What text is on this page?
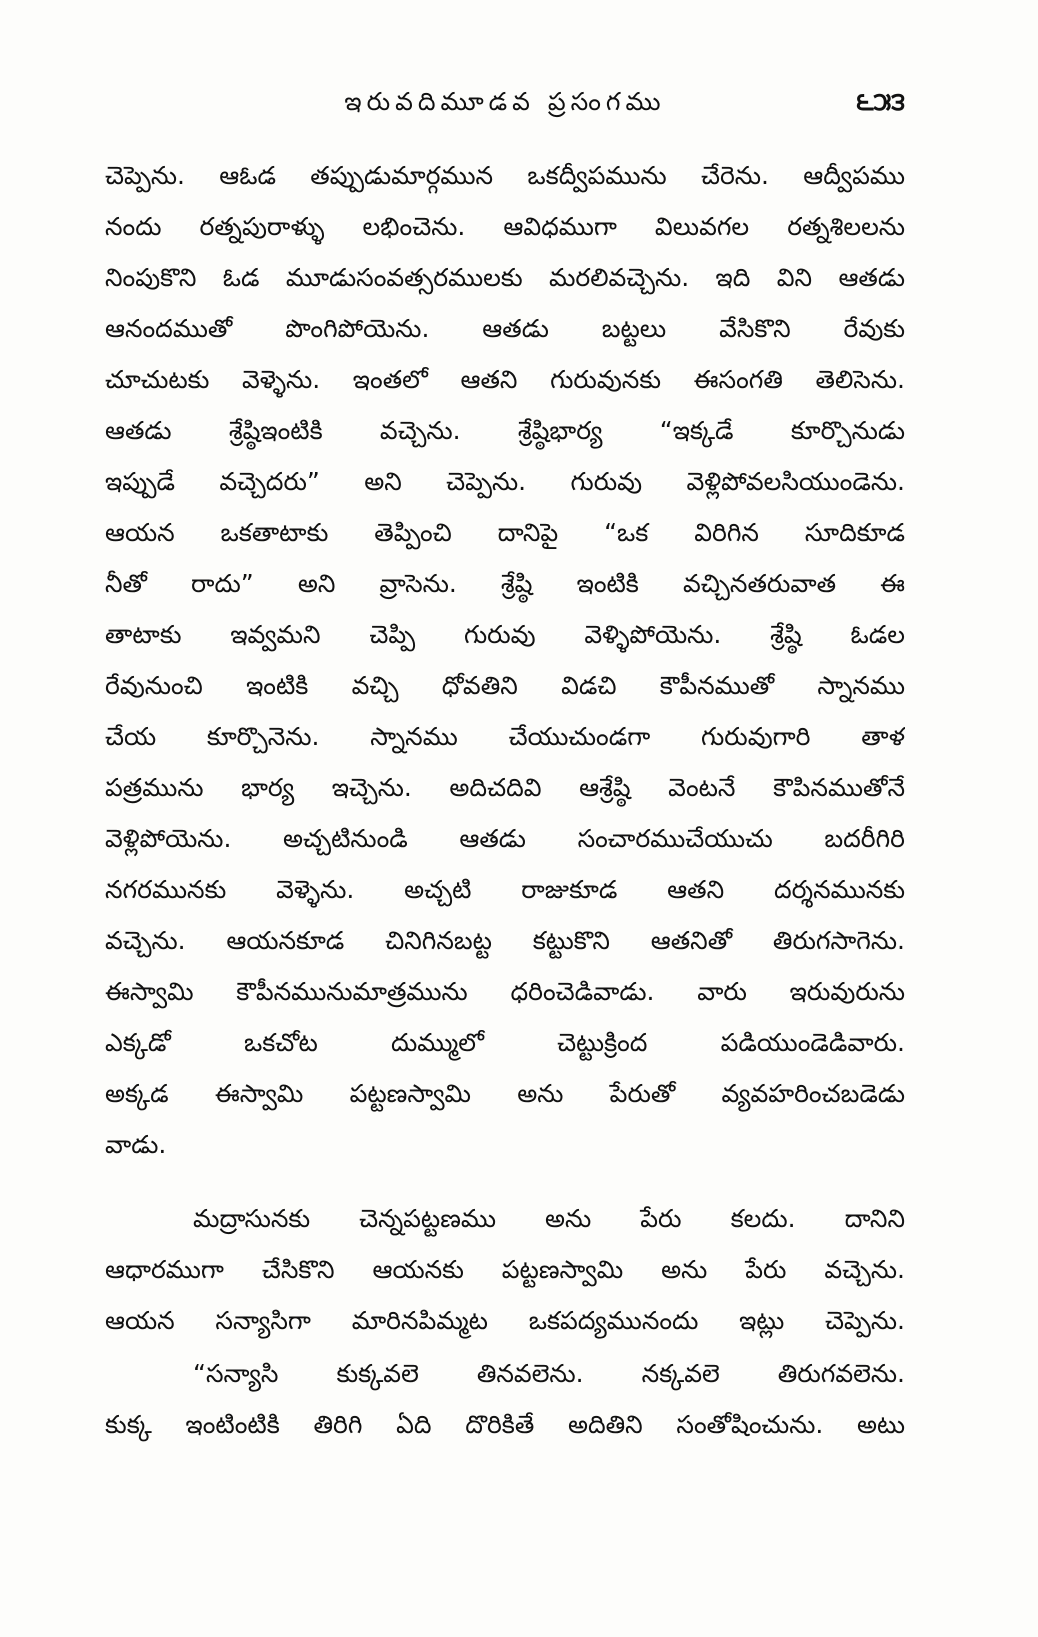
ఇరువదిమూడవ ప్రసంగము	౬౫౩
చెప్పెను. ఆఓడ తప్పుడుమార్గమున ఒకద్వీపమును చేరెను. ఆద్వీపము
నందు రత్నపురాళ్ళు లభించెను. ఆవిధముగా విలువగల రత్నశిలలను
నింపుకొని ఓడ మూడుసంవత్సరములకు మరలివచ్చెను. ఇది విని ఆతడు
ఆనందముతో పొంగిపోయెను. ఆతడు బట్టలు వేసికొని రేవుకు
చూచుటకు వెళ్ళెను. ఇంతలో ఆతని గురువునకు ఈసంగతి తెలిసెను.
ఆతడు శ్రేష్ఠిఇంటికి వచ్చెను. శ్రేష్ఠిభార్య “ఇక్కడే కూర్చొనుడు
ఇప్పుడే వచ్చెదరు” అని చెప్పెను. గురువు వెళ్లిపోవలసియుండెను.
ఆయన ఒకతాటాకు తెప్పించి దానిపై “ఒక విరిగిన సూదికూడ
నీతో రాదు” అని వ్రాసెను. శ్రేష్ఠి ఇంటికి వచ్చినతరువాత ఈ
తాటాకు ఇవ్వమని చెప్పి గురువు వెళ్ళిపోయెను. శ్రేష్ఠి ఓడల
రేవునుంచి ఇంటికి వచ్చి ధోవతిని విడచి కౌపీనముతో స్నానము
చేయ కూర్చొనెను. స్నానము చేయుచుండగా గురువుగారి తాళ
పత్రమును భార్య ఇచ్చెను. అదిచదివి ఆశ్రేష్ఠి వెంటనే కౌపినముతోనే
వెళ్లిపోయెను. అచ్చటినుండి ఆతడు సంచారముచేయుచు బదరీగిరి
నగరమునకు వెళ్ళెను. అచ్చటి రాజుకూడ ఆతని దర్శనమునకు
వచ్చెను. ఆయనకూడ చినిగినబట్ట కట్టుకొని ఆతనితో తిరుగసాగెను.
ఈస్వామి కౌపీనమునుమాత్రమును ధరించెడివాడు. వారు ఇరువురును
ఎక్కడో ఒకచోట దుమ్ములో చెట్టుక్రింద పడియుండెడివారు.
అక్కడ ఈస్వామి పట్టణస్వామి అను పేరుతో వ్యవహరించబడెడు
వాడు.
మద్రాసునకు చెన్నపట్టణము అను పేరు కలదు. దానిని
ఆధారముగా చేసికొని ఆయనకు పట్టణస్వామి అను పేరు వచ్చెను.
ఆయన సన్యాసిగా మారినపిమ్మట ఒకపద్యమునందు ఇట్లు చెప్పెను.
“సన్యాసి కుక్కవలె తినవలెను. నక్కవలె తిరుగవలెను.
కుక్క ఇంటింటికి తిరిగి ఏది దొరికితే అదితిని సంతోషించును. అటు
